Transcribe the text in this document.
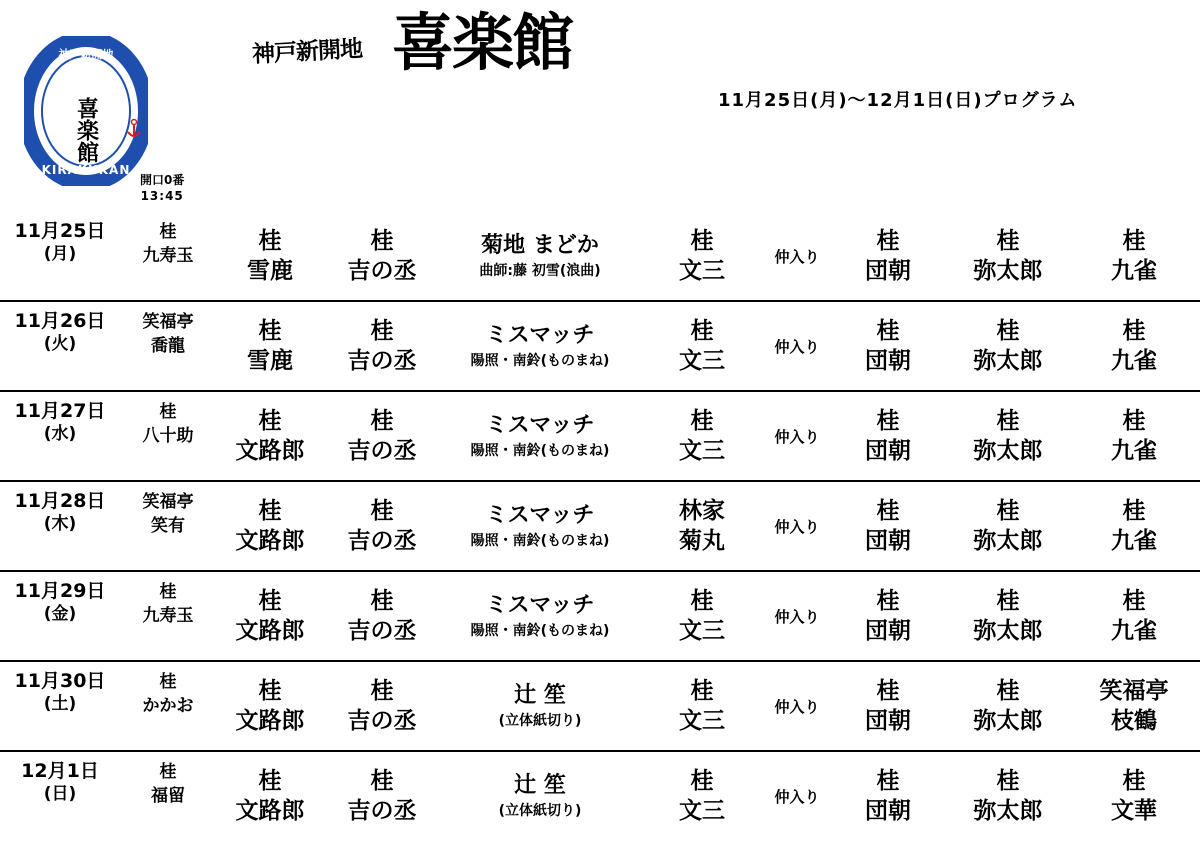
神戸新開地
喜楽館
KIRAKUKAN
神戸新開地 喜楽館
11月25日(月)～12月1日(日)プログラム
開口0番
13:45
11月25日
(月)
桂
九寿玉
桂
雪鹿
桂
吉の丞
桂
文三
桂
団朝
桂
弥太郎
桂
九雀
菊地 まどか
曲師:藤 初雪(浪曲)
仲入り
11月26日
(火)
笑福亭
喬龍
桂
雪鹿
桂
吉の丞
桂
文三
桂
団朝
桂
弥太郎
桂
九雀
ミスマッチ
陽照・南鈴(ものまね)
仲入り
11月27日
(水)
桂
八十助
桂
文路郎
桂
吉の丞
桂
文三
桂
団朝
桂
弥太郎
桂
九雀
ミスマッチ
陽照・南鈴(ものまね)
仲入り
11月28日
(木)
笑福亭
笑有
桂
文路郎
桂
吉の丞
林家
菊丸
桂
団朝
桂
弥太郎
桂
九雀
ミスマッチ
陽照・南鈴(ものまね)
仲入り
11月29日
(金)
桂
九寿玉
桂
文路郎
桂
吉の丞
桂
文三
桂
団朝
桂
弥太郎
桂
九雀
ミスマッチ
陽照・南鈴(ものまね)
仲入り
11月30日
(土)
桂
かかお
桂
文路郎
桂
吉の丞
桂
文三
桂
団朝
桂
弥太郎
笑福亭
枝鶴
辻 笙
(立体紙切り)
仲入り
12月1日
(日)
桂
福留
桂
文路郎
桂
吉の丞
桂
文三
桂
団朝
桂
弥太郎
桂
文華
辻 笙
(立体紙切り)
仲入り
